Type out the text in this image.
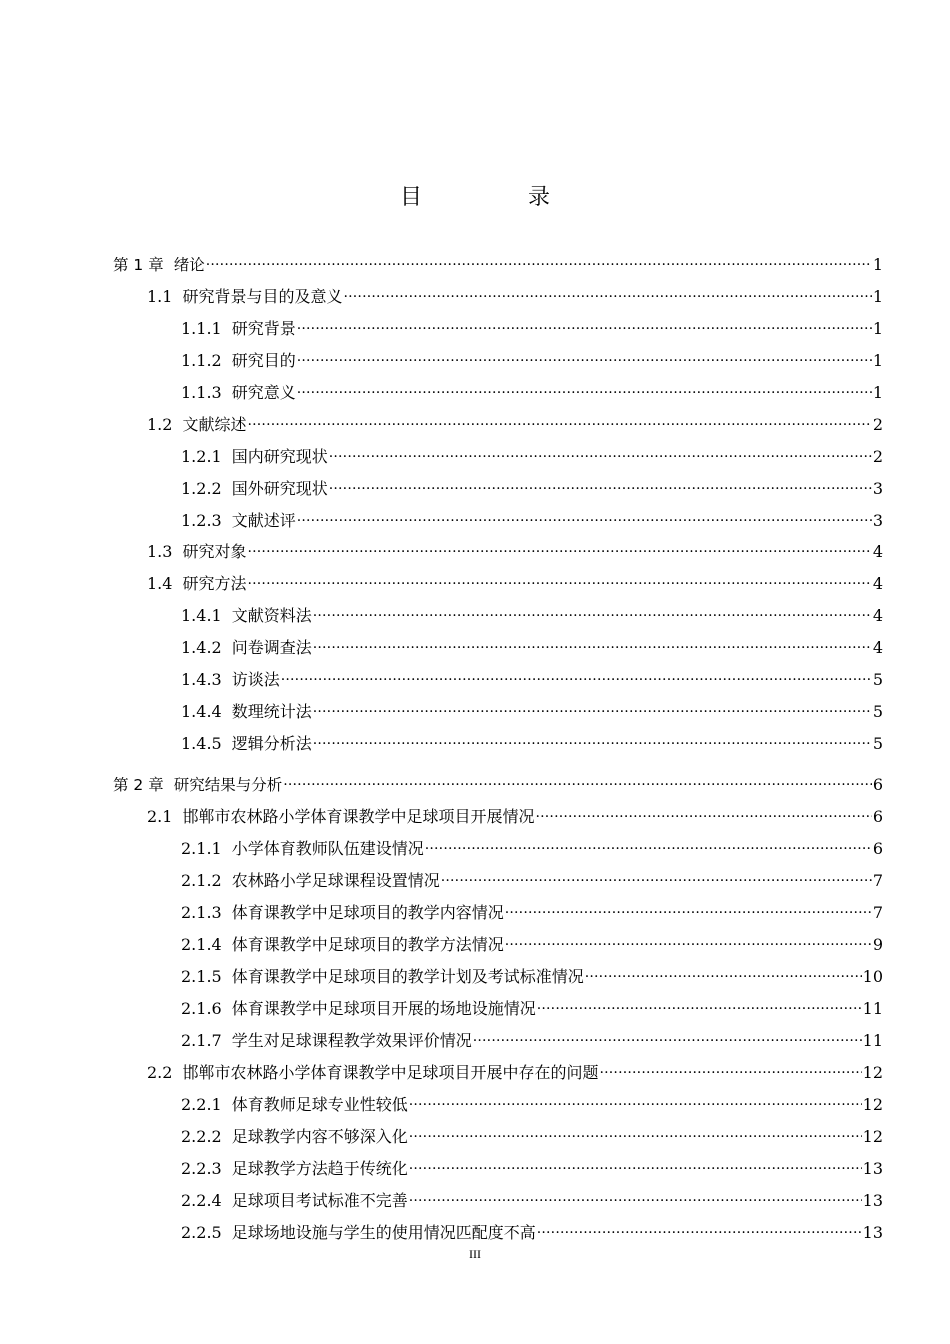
目　录
第 1 章 绪论 .....	1
1.1 研究背景与目的及意义 .....	1
1.1.1 研究背景 .....	1
1.1.2 研究目的 .....	1
1.1.3 研究意义 .....	1
1.2 文献综述 .....	2
1.2.1 国内研究现状 .....	2
1.2.2 国外研究现状 .....	3
1.2.3 文献述评 .....	3
1.3 研究对象 .....	4
1.4 研究方法 .....	4
1.4.1 文献资料法 .....	4
1.4.2 问卷调查法 .....	4
1.4.3 访谈法 .....	5
1.4.4 数理统计法 .....	5
1.4.5 逻辑分析法 .....	5
第 2 章 研究结果与分析 .....	6
2.1 邯郸市农林路小学体育课教学中足球项目开展情况 .....	6
2.1.1 小学体育教师队伍建设情况 .....	6
2.1.2 农林路小学足球课程设置情况 .....	7
2.1.3 体育课教学中足球项目的教学内容情况 .....	7
2.1.4 体育课教学中足球项目的教学方法情况 .....	9
2.1.5 体育课教学中足球项目的教学计划及考试标准情况 .....	10
2.1.6 体育课教学中足球项目开展的场地设施情况 .....	11
2.1.7 学生对足球课程教学效果评价情况 .....	11
2.2 邯郸市农林路小学体育课教学中足球项目开展中存在的问题 .....	12
2.2.1 体育教师足球专业性较低 .....	12
2.2.2 足球教学内容不够深入化 .....	12
2.2.3 足球教学方法趋于传统化 .....	13
2.2.4 足球项目考试标准不完善 .....	13
2.2.5 足球场地设施与学生的使用情况匹配度不高 .....	13
III
